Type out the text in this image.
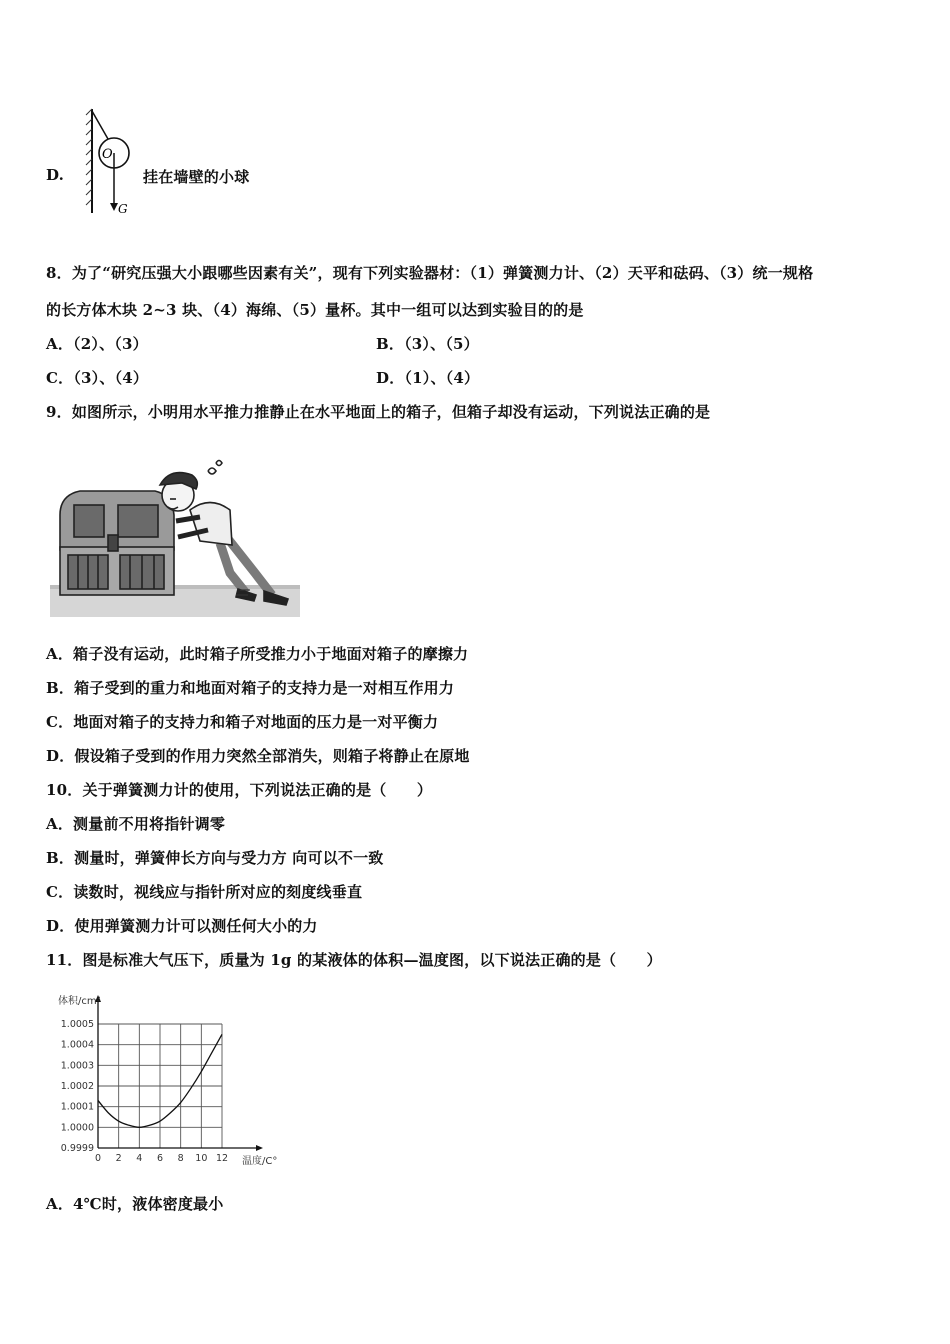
O
G
D.	挂在墙壁的小球
8．为了“研究压强大小跟哪些因素有关”，现有下列实验器材：（1）弹簧测力计、（2）天平和砝码、（3）统一规格
的长方体木块 2~3 块、（4）海绵、（5）量杯。其中一组可以达到实验目的的是
A．（2）、（3）	B．（3）、（5）
C．（3）、（4）	D．（1）、（4）
9．如图所示，小明用水平推力推静止在水平地面上的箱子，但箱子却没有运动，下列说法正确的是
A．箱子没有运动，此时箱子所受推力小于地面对箱子的摩擦力
B．箱子受到的重力和地面对箱子的支持力是一对相互作用力
C．地面对箱子的支持力和箱子对地面的压力是一对平衡力
D．假设箱子受到的作用力突然全部消失，则箱子将静止在原地
10．关于弹簧测力计的使用，下列说法正确的是（　　）
A．测量前不用将指针调零
B．测量时，弹簧伸长方向与受力方 向可以不一致
C．读数时，视线应与指针所对应的刻度线垂直
D．使用弹簧测力计可以测任何大小的力
11．图是标准大气压下，质量为 1g 的某液体的体积—温度图，以下说法正确的是（　　）
0.9999
1.0000
1.0001
1.0002
1.0003
1.0004
1.0005
0 2 4 6 8 10 12
体积/cm³
温度/C°
A．4℃时，液体密度最小
